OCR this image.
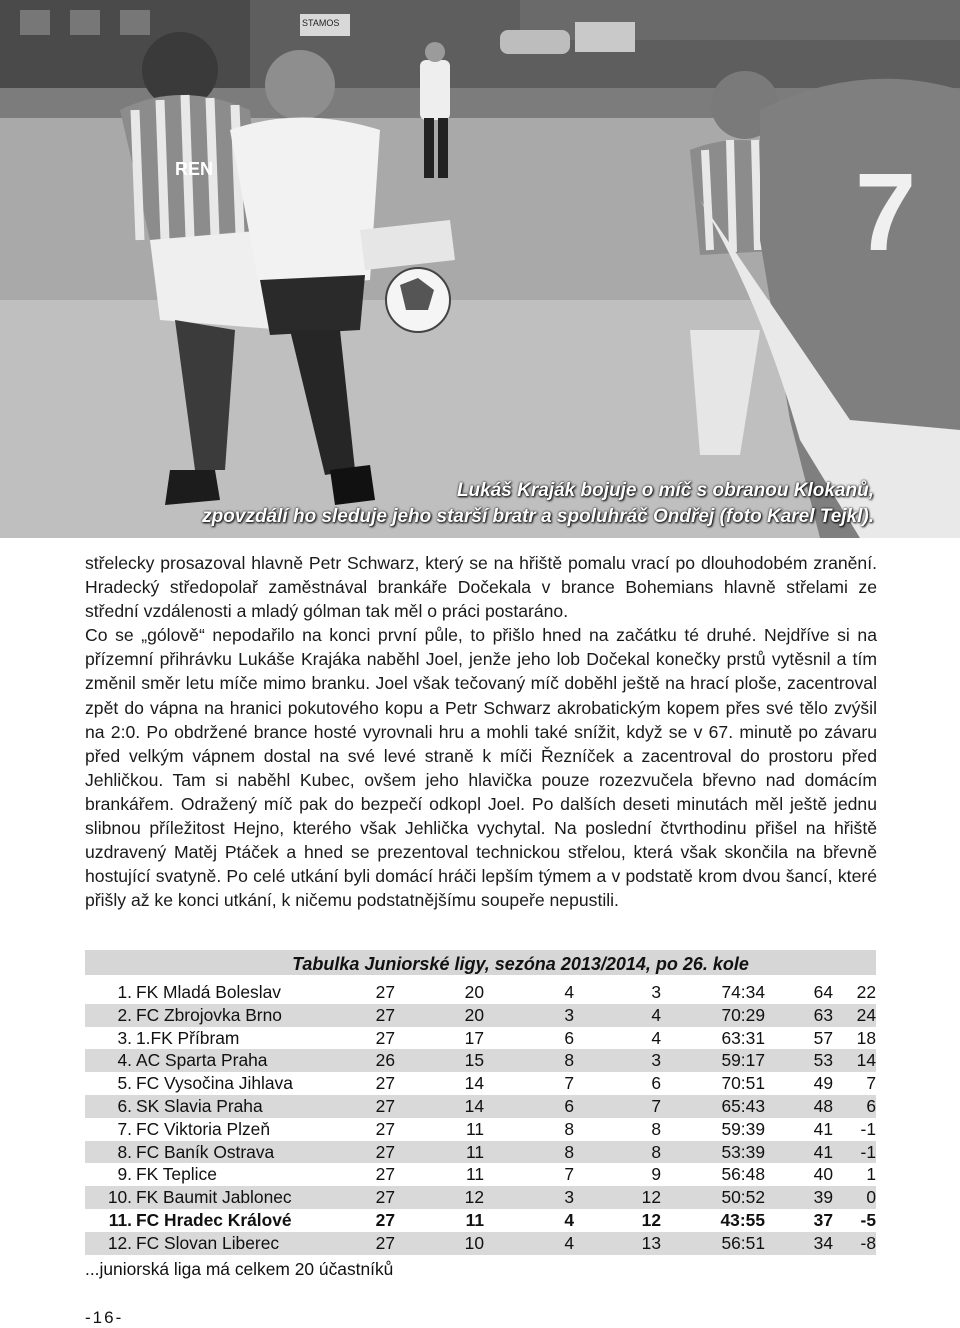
STAMOS
REN	7
Lukáš Kraják bojuje o míč s obranou Klokanů,
zpovzdálí ho sleduje jeho starší bratr a spoluhráč Ondřej (foto Karel Tejkl).

střelecky prosazoval hlavně Petr Schwarz, který se na hřiště pomalu vrací po dlouhodobém zranění. Hradecký středopolař zaměstnával brankáře Dočekala v brance Bohemians hlavně střelami ze střední vzdálenosti a mladý gólman tak měl o práci postaráno.

Co se „gólově“ nepodařilo na konci první půle, to přišlo hned na začátku té druhé. Nejdříve si na přízemní přihrávku Lukáše Krajáka naběhl Joel, jenže jeho lob Dočekal konečky prstů vytěsnil a tím změnil směr letu míče mimo branku. Joel však tečovaný míč doběhl ještě na hrací ploše, zacentroval zpět do vápna na hranici pokutového kopu a Petr Schwarz akrobatickým kopem přes své tělo zvýšil na 2:0. Po obdržené brance hosté vyrovnali hru a mohli také snížit, když se v 67. minutě po závaru před velkým vápnem dostal na své levé straně k míči Řezníček a zacentroval do prostoru před Jehličkou. Tam si naběhl Kubec, ovšem jeho hlavička pouze rozezvučela břevno nad domácím brankářem. Odražený míč pak do bezpečí odkopl Joel. Po dalších deseti minutách měl ještě jednu slibnou příležitost Hejno, kterého však Jehlička vychytal. Na poslední čtvrthodinu přišel na hřiště uzdravený Matěj Ptáček a hned se prezentoval technickou střelou, která však skončila na břevně hostující svatyně. Po celé utkání byli domácí hráči lepším týmem a v podstatě krom dvou šancí, které přišly až ke konci utkání, k ničemu podstatnějšímu soupeře nepustili.

Tabulka Juniorské ligy, sezóna 2013/2014, po 26. kole
1.	FK Mladá Boleslav	27	20	4	3	74:34	64	22
2.	FC Zbrojovka Brno	27	20	3	4	70:29	63	24
3.	1.FK Příbram	27	17	6	4	63:31	57	18
4.	AC Sparta Praha	26	15	8	3	59:17	53	14
5.	FC Vysočina Jihlava	27	14	7	6	70:51	49	7
6.	SK Slavia Praha	27	14	6	7	65:43	48	6
7.	FC Viktoria Plzeň	27	11	8	8	59:39	41	-1
8.	FC Baník Ostrava	27	11	8	8	53:39	41	-1
9.	FK Teplice	27	11	7	9	56:48	40	1
10.	FK Baumit Jablonec	27	12	3	12	50:52	39	0
11.	FC Hradec Králové	27	11	4	12	43:55	37	-5
12.	FC Slovan Liberec	27	10	4	13	56:51	34	-8
...juniorská liga má celkem 20 účastníků
-16-
